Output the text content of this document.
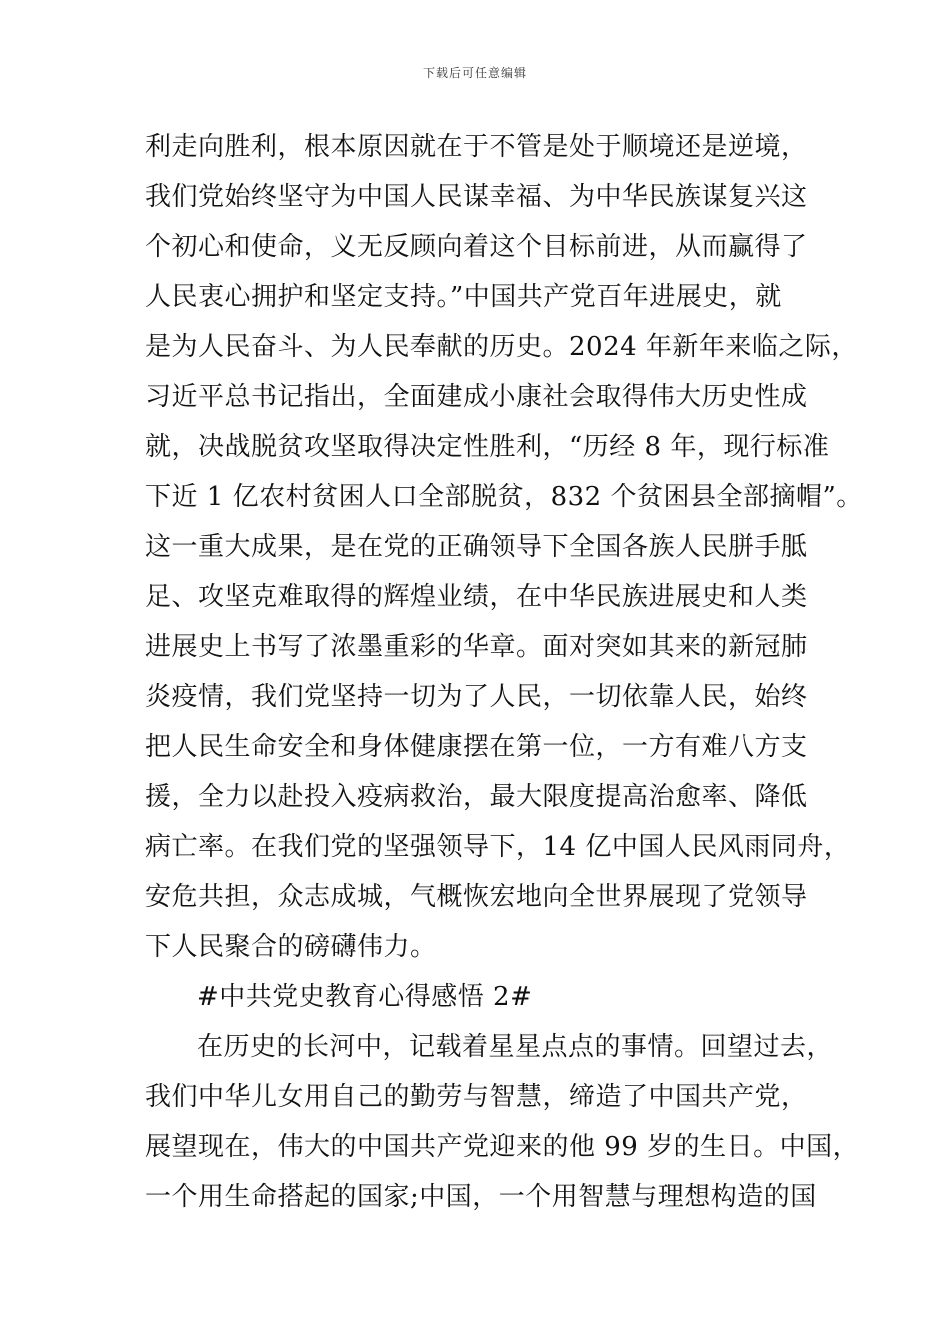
下载后可任意编辑
利走向胜利，根本原因就在于不管是处于顺境还是逆境，
我们党始终坚守为中国人民谋幸福、为中华民族谋复兴这
个初心和使命，义无反顾向着这个目标前进，从而赢得了
人民衷心拥护和坚定支持。”中国共产党百年进展史，就
是为人民奋斗、为人民奉献的历史。2024 年新年来临之际，
习近平总书记指出，全面建成小康社会取得伟大历史性成
就，决战脱贫攻坚取得决定性胜利，“历经 8 年，现行标准
下近 1 亿农村贫困人口全部脱贫，832 个贫困县全部摘帽”。
这一重大成果，是在党的正确领导下全国各族人民胼手胝
足、攻坚克难取得的辉煌业绩，在中华民族进展史和人类
进展史上书写了浓墨重彩的华章。面对突如其来的新冠肺
炎疫情，我们党坚持一切为了人民，一切依靠人民，始终
把人民生命安全和身体健康摆在第一位，一方有难八方支
援，全力以赴投入疫病救治，最大限度提高治愈率、降低
病亡率。在我们党的坚强领导下，14 亿中国人民风雨同舟，
安危共担，众志成城，气概恢宏地向全世界展现了党领导
下人民聚合的磅礴伟力。
#中共党史教育心得感悟 2#
在历史的长河中，记载着星星点点的事情。回望过去，
我们中华儿女用自己的勤劳与智慧，缔造了中国共产党，
展望现在，伟大的中国共产党迎来的他 99 岁的生日。中国，
一个用生命搭起的国家;中国，一个用智慧与理想构造的国
